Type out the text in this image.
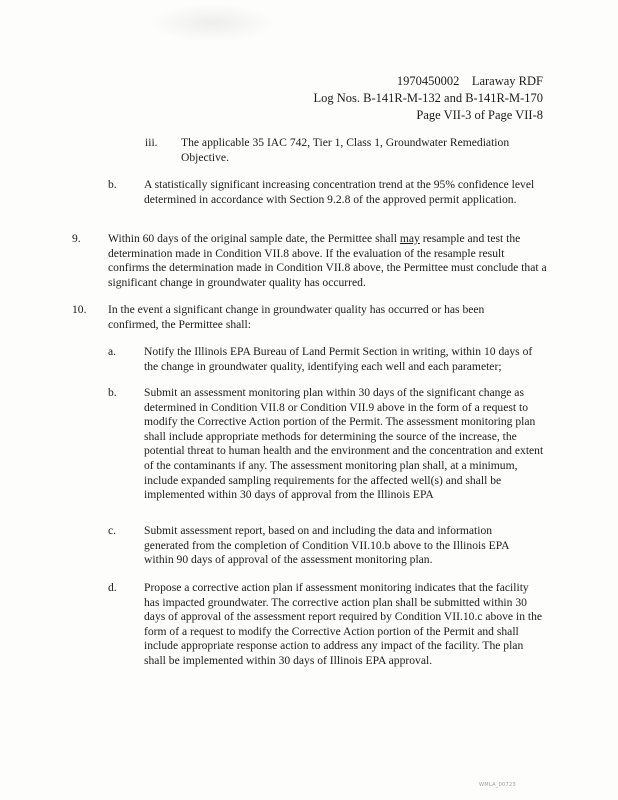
1970450002    Laraway RDF
Log Nos. B-141R-M-132 and B-141R-M-170
Page VII-3 of Page VII-8
iii. The applicable 35 IAC 742, Tier 1, Class 1, Groundwater Remediation Objective.
b. A statistically significant increasing concentration trend at the 95% confidence level determined in accordance with Section 9.2.8 of the approved permit application.
9. Within 60 days of the original sample date, the Permittee shall may resample and test the determination made in Condition VII.8 above. If the evaluation of the resample result confirms the determination made in Condition VII.8 above, the Permittee must conclude that a significant change in groundwater quality has occurred.
10. In the event a significant change in groundwater quality has occurred or has been confirmed, the Permittee shall:
a. Notify the Illinois EPA Bureau of Land Permit Section in writing, within 10 days of the change in groundwater quality, identifying each well and each parameter;
b. Submit an assessment monitoring plan within 30 days of the significant change as determined in Condition VII.8 or Condition VII.9 above in the form of a request to modify the Corrective Action portion of the Permit. The assessment monitoring plan shall include appropriate methods for determining the source of the increase, the potential threat to human health and the environment and the concentration and extent of the contaminants if any. The assessment monitoring plan shall, at a minimum, include expanded sampling requirements for the affected well(s) and shall be implemented within 30 days of approval from the Illinois EPA
c. Submit assessment report, based on and including the data and information generated from the completion of Condition VII.10.b above to the Illinois EPA within 90 days of approval of the assessment monitoring plan.
d. Propose a corrective action plan if assessment monitoring indicates that the facility has impacted groundwater. The corrective action plan shall be submitted within 30 days of approval of the assessment report required by Condition VII.10.c above in the form of a request to modify the Corrective Action portion of the Permit and shall include appropriate response action to address any impact of the facility. The plan shall be implemented within 30 days of Illinois EPA approval.
WMLA_00723
